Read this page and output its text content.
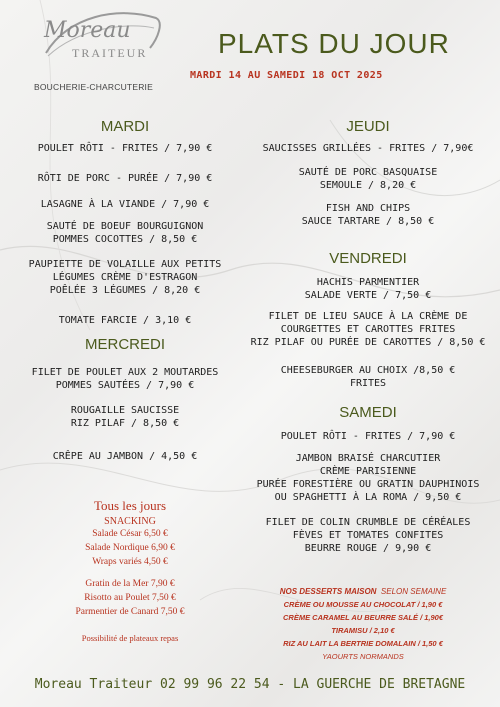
Moreau
TRAITEUR
BOUCHERIE-CHARCUTERIE
PLATS DU JOUR
MARDI 14 AU SAMEDI 18 OCT 2025
MARDI
POULET RÔTI - FRITES / 7,90 €
RÔTI DE PORC - PURÉE / 7,90 €
LASAGNE À LA VIANDE / 7,90 €
SAUTÉ DE BOEUF BOURGUIGNON
POMMES COCOTTES / 8,50 €
PAUPIETTE DE VOLAILLE AUX PETITS
LÉGUMES CRÈME D'ESTRAGON
POÊLÉE 3 LÉGUMES / 8,20 €
TOMATE FARCIE / 3,10 €
MERCREDI
FILET DE POULET AUX 2 MOUTARDES
POMMES SAUTÉES / 7,90 €
ROUGAILLE SAUCISSE
RIZ PILAF / 8,50 €
CRÊPE AU JAMBON / 4,50 €
JEUDI
SAUCISSES GRILLÉES - FRITES / 7,90€
SAUTÉ DE PORC BASQUAISE
SEMOULE / 8,20 €
FISH AND CHIPS
SAUCE TARTARE / 8,50 €
VENDREDI
HACHIS PARMENTIER
SALADE VERTE / 7,50 €
FILET DE LIEU SAUCE À LA CRÈME DE
COURGETTES ET CAROTTES FRITES
RIZ PILAF OU PURÉE DE CAROTTES / 8,50 €
CHEESEBURGER AU CHOIX /8,50 €
FRITES
SAMEDI
POULET RÔTI - FRITES / 7,90 €
JAMBON BRAISÉ CHARCUTIER
CRÈME PARISIENNE
PURÉE FORESTIÈRE OU GRATIN DAUPHINOIS
OU SPAGHETTI À LA ROMA / 9,50 €
FILET DE COLIN CRUMBLE DE CÉRÉALES
FÈVES ET TOMATES CONFITES
BEURRE ROUGE / 9,90 €
Tous les jours
SNACKING
Salade César 6,50 €
Salade Nordique 6,90 €
Wraps variés 4,50 €
Gratin de la Mer 7,90 €
Risotto au Poulet 7,50 €
Parmentier de Canard 7,50 €
Possibilité de plateaux repas
NOS DESSERTS MAISON SELON SEMAINE
CRÈME OU MOUSSE AU CHOCOLAT / 1,90 €
CRÈME CARAMEL AU BEURRE SALÉ / 1,90€
TIRAMISU / 2,10 €
RIZ AU LAIT LA BERTRIE DOMALAIN / 1,50 €
YAOURTS NORMANDS
Moreau Traiteur 02 99 96 22 54 - LA GUERCHE DE BRETAGNE
